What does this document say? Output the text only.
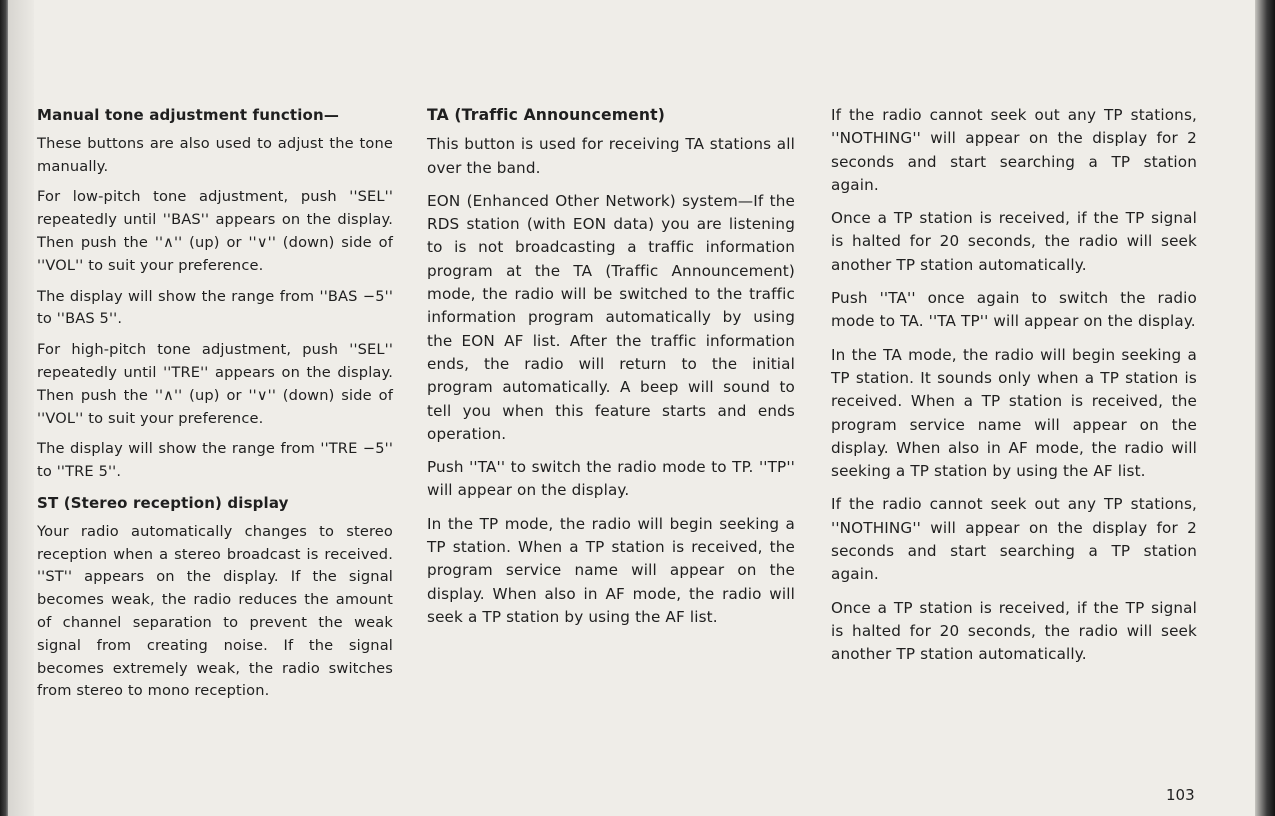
Manual tone adjustment function—

These buttons are also used to adjust the tone manually.

For low-pitch tone adjustment, push ''SEL'' repeatedly until ''BAS'' appears on the display. Then push the ''∧'' (up) or ''∨'' (down) side of ''VOL'' to suit your preference.

The display will show the range from ''BAS −5'' to ''BAS 5''.

For high-pitch tone adjustment, push ''SEL'' repeatedly until ''TRE'' appears on the display. Then push the ''∧'' (up) or ''∨'' (down) side of ''VOL'' to suit your preference.

The display will show the range from ''TRE −5'' to ''TRE 5''.

ST (Stereo reception) display

Your radio automatically changes to stereo reception when a stereo broadcast is received. ''ST'' appears on the display. If the signal becomes weak, the radio reduces the amount of channel separation to prevent the weak signal from creating noise. If the signal becomes extremely weak, the radio switches from stereo to mono reception.

TA (Traffic Announcement)

This button is used for receiving TA stations all over the band.

EON (Enhanced Other Network) system—If the RDS station (with EON data) you are listening to is not broadcasting a traffic information program at the TA (Traffic Announcement) mode, the radio will be switched to the traffic information program automatically by using the EON AF list. After the traffic information ends, the radio will return to the initial program automatically. A beep will sound to tell you when this feature starts and ends operation.

Push ''TA'' to switch the radio mode to TP. ''TP'' will appear on the display.

In the TP mode, the radio will begin seeking a TP station. When a TP station is received, the program service name will appear on the display. When also in AF mode, the radio will seek a TP station by using the AF list.

If the radio cannot seek out any TP stations, ''NOTHING'' will appear on the display for 2 seconds and start searching a TP station again.

Once a TP station is received, if the TP signal is halted for 20 seconds, the radio will seek another TP station automatically.

Push ''TA'' once again to switch the radio mode to TA. ''TA TP'' will appear on the display.

In the TA mode, the radio will begin seeking a TP station. It sounds only when a TP station is received. When a TP station is received, the program service name will appear on the display. When also in AF mode, the radio will seeking a TP station by using the AF list.

If the radio cannot seek out any TP stations, ''NOTHING'' will appear on the display for 2 seconds and start searching a TP station again.

Once a TP station is received, if the TP signal is halted for 20 seconds, the radio will seek another TP station automatically.

103
